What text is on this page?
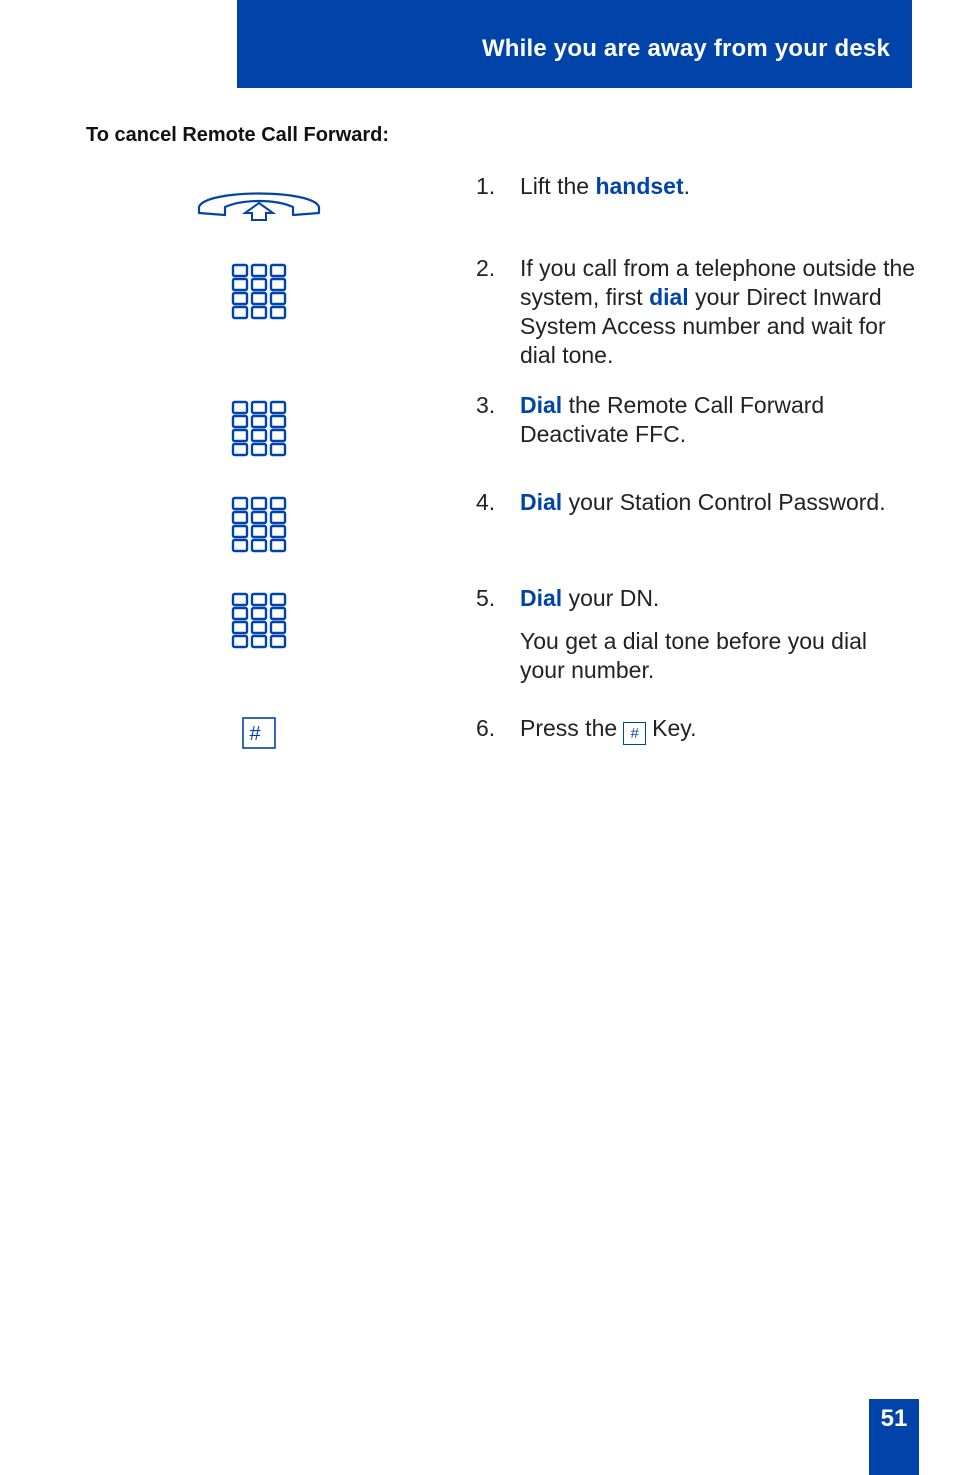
While you are away from your desk
To cancel Remote Call Forward:
#
1. Lift the handset.
2. If you call from a telephone outside the system, first dial your Direct Inward System Access number and wait for dial tone.
3. Dial the Remote Call Forward Deactivate FFC.
4. Dial your Station Control Password.
5. Dial your DN.
You get a dial tone before you dial your number.
6. Press the # Key.
51
